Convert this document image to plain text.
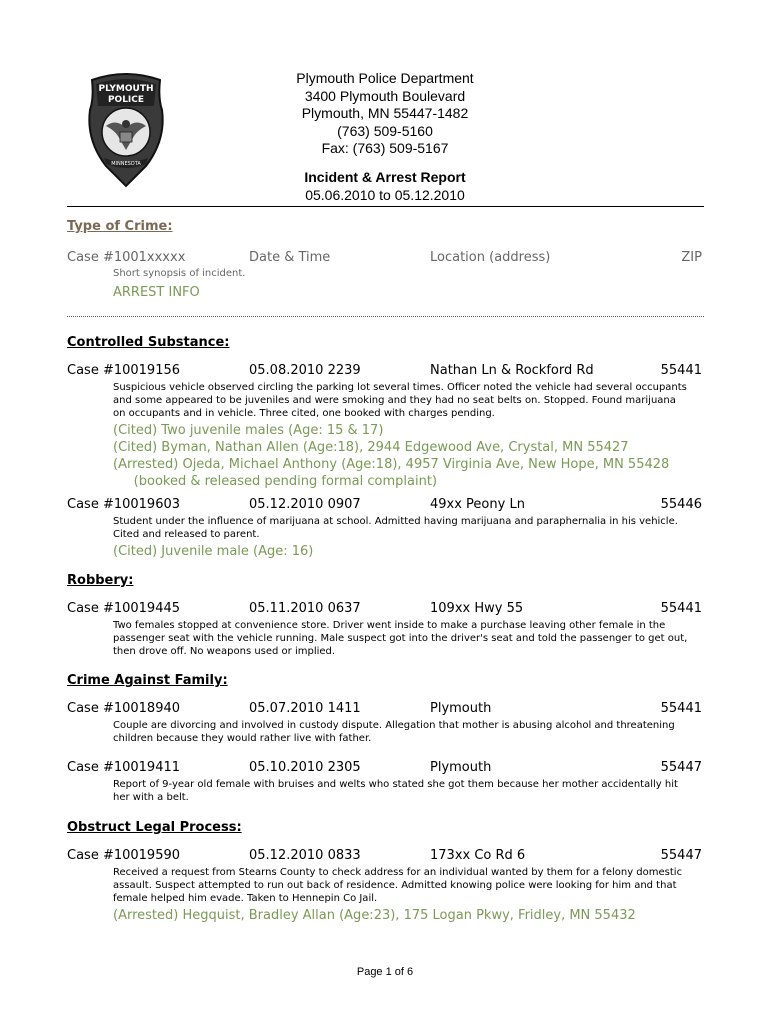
PLYMOUTH
POLICE
MINNESOTA
Plymouth Police Department
3400 Plymouth Boulevard
Plymouth, MN 55447-1482
(763) 509-5160
Fax: (763) 509-5167
Incident & Arrest Report
05.06.2010 to 05.12.2010
Type of Crime:
Case #1001xxxxx	Date & Time	Location (address)	ZIP
Short synopsis of incident.
ARREST INFO
Controlled Substance:
Case #10019156	05.08.2010 2239	Nathan Ln & Rockford Rd	55441
Suspicious vehicle observed circling the parking lot several times. Officer noted the vehicle had several occupants
and some appeared to be juveniles and were smoking and they had no seat belts on. Stopped. Found marijuana
on occupants and in vehicle. Three cited, one booked with charges pending.
(Cited) Two juvenile males (Age: 15 & 17)
(Cited) Byman, Nathan Allen (Age:18), 2944 Edgewood Ave, Crystal, MN 55427
(Arrested) Ojeda, Michael Anthony (Age:18), 4957 Virginia Ave, New Hope, MN 55428
(booked & released pending formal complaint)
Case #10019603	05.12.2010 0907	49xx Peony Ln	55446
Student under the influence of marijuana at school. Admitted having marijuana and paraphernalia in his vehicle.
Cited and released to parent.
(Cited) Juvenile male (Age: 16)
Robbery:
Case #10019445	05.11.2010 0637	109xx Hwy 55	55441
Two females stopped at convenience store. Driver went inside to make a purchase leaving other female in the
passenger seat with the vehicle running. Male suspect got into the driver's seat and told the passenger to get out,
then drove off. No weapons used or implied.
Crime Against Family:
Case #10018940	05.07.2010 1411	Plymouth	55441
Couple are divorcing and involved in custody dispute. Allegation that mother is abusing alcohol and threatening
children because they would rather live with father.
Case #10019411	05.10.2010 2305	Plymouth	55447
Report of 9-year old female with bruises and welts who stated she got them because her mother accidentally hit
her with a belt.
Obstruct Legal Process:
Case #10019590	05.12.2010 0833	173xx Co Rd 6	55447
Received a request from Stearns County to check address for an individual wanted by them for a felony domestic
assault. Suspect attempted to run out back of residence. Admitted knowing police were looking for him and that
female helped him evade. Taken to Hennepin Co Jail.
(Arrested) Hegquist, Bradley Allan (Age:23), 175 Logan Pkwy, Fridley, MN 55432
Page 1 of 6
